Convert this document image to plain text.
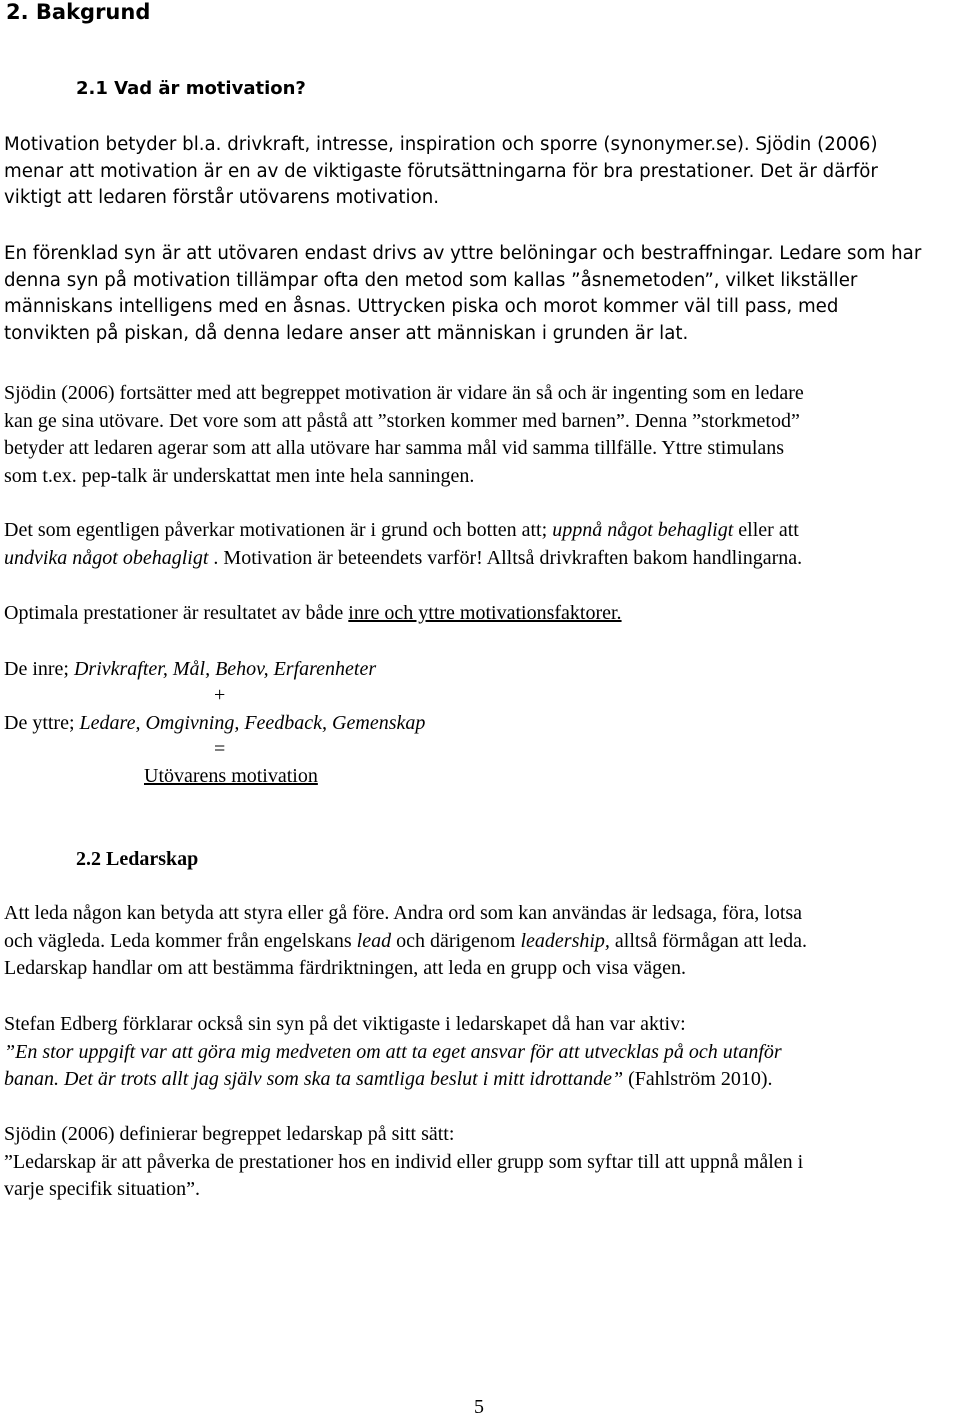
2. Bakgrund
2.1 Vad är motivation?
Motivation betyder bl.a. drivkraft, intresse, inspiration och sporre (synonymer.se). Sjödin (2006)
menar att motivation är en av de viktigaste förutsättningarna för bra prestationer. Det är därför
viktigt att ledaren förstår utövarens motivation.
En förenklad syn är att utövaren endast drivs av yttre belöningar och bestraffningar. Ledare som har
denna syn på motivation tillämpar ofta den metod som kallas ”åsnemetoden”, vilket likställer
människans intelligens med en åsnas. Uttrycken piska och morot kommer väl till pass, med
tonvikten på piskan, då denna ledare anser att människan i grunden är lat.
Sjödin (2006) fortsätter med att begreppet motivation är vidare än så och är ingenting som en ledare
kan ge sina utövare. Det vore som att påstå att ”storken kommer med barnen”. Denna ”storkmetod”
betyder att ledaren agerar som att alla utövare har samma mål vid samma tillfälle. Yttre stimulans
som t.ex. pep-talk är underskattat men inte hela sanningen.
Det som egentligen påverkar motivationen är i grund och botten att; uppnå något behagligt eller att
undvika något obehagligt . Motivation är beteendets varför! Alltså drivkraften bakom handlingarna.
Optimala prestationer är resultatet av både inre och yttre motivationsfaktorer.
De inre; Drivkrafter, Mål, Behov, Erfarenheter
+
De yttre; Ledare, Omgivning, Feedback, Gemenskap
=
Utövarens motivation
2.2 Ledarskap
Att leda någon kan betyda att styra eller gå före. Andra ord som kan användas är ledsaga, föra, lotsa
och vägleda. Leda kommer från engelskans lead och därigenom leadership, alltså förmågan att leda.
Ledarskap handlar om att bestämma färdriktningen, att leda en grupp och visa vägen.
Stefan Edberg förklarar också sin syn på det viktigaste i ledarskapet då han var aktiv:
”En stor uppgift var att göra mig medveten om att ta eget ansvar för att utvecklas på och utanför
banan. Det är trots allt jag själv som ska ta samtliga beslut i mitt idrottande” (Fahlström 2010).
Sjödin (2006) definierar begreppet ledarskap på sitt sätt:
”Ledarskap är att påverka de prestationer hos en individ eller grupp som syftar till att uppnå målen i
varje specifik situation”.
5
